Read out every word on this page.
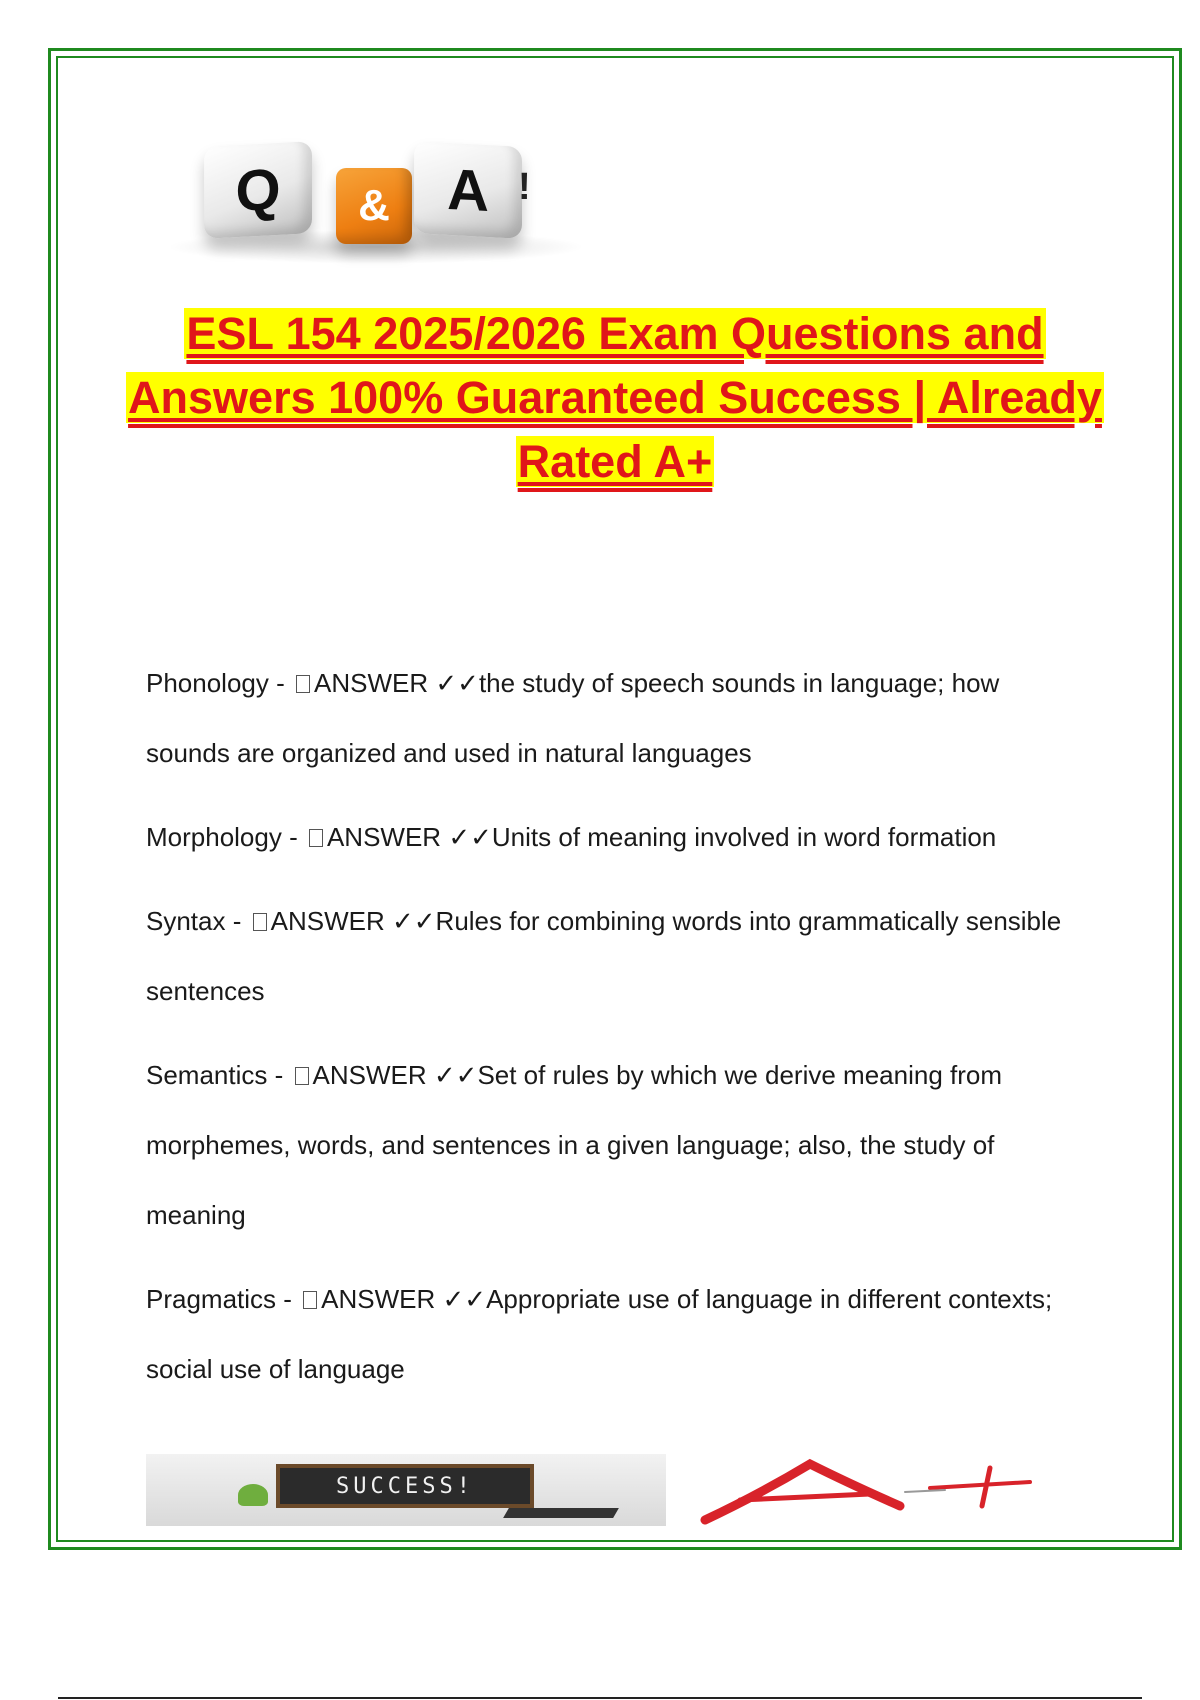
Q & A !
ESL 154 2025/2026 Exam Questions and Answers 100% Guaranteed Success | Already Rated A+
Phonology - ANSWER ✓✓the study of speech sounds in language; how sounds are organized and used in natural languages
Morphology - ANSWER ✓✓Units of meaning involved in word formation
Syntax - ANSWER ✓✓Rules for combining words into grammatically sensible sentences
Semantics - ANSWER ✓✓Set of rules by which we derive meaning from morphemes, words, and sentences in a given language; also, the study of meaning
Pragmatics - ANSWER ✓✓Appropriate use of language in different contexts; social use of language
SUCCESS!
